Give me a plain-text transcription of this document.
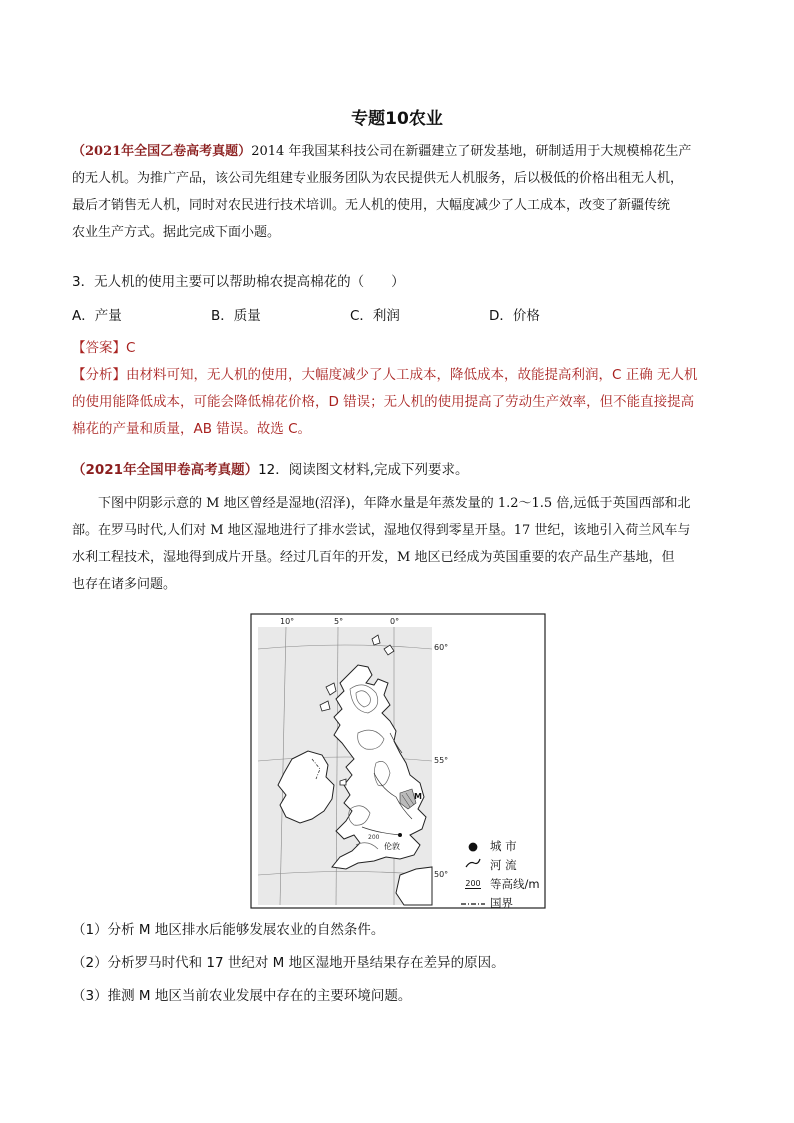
专题10农业

（2021年全国乙卷高考真题）2014 年我国某科技公司在新疆建立了研发基地，研制适用于大规模棉花生产
的无人机。为推广产品，该公司先组建专业服务团队为农民提供无人机服务，后以极低的价格出租无人机，
最后才销售无人机，同时对农民进行技术培训。无人机的使用，大幅度减少了人工成本，改变了新疆传统
农业生产方式。据此完成下面小题。

3．无人机的使用主要可以帮助棉农提高棉花的（　　）
A．产量	B．质量	C．利润	D．价格
【答案】C
【分析】由材料可知，无人机的使用，大幅度减少了人工成本，降低成本，故能提高利润，C 正确 无人机
的使用能降低成本，可能会降低棉花价格，D 错误；无人机的使用提高了劳动生产效率，但不能直接提高
棉花的产量和质量，AB 错误。故选 C。
（2021年全国甲卷高考真题）12．阅读图文材料,完成下列要求。

下图中阴影示意的 M 地区曾经是湿地(沼泽)，年降水量是年蒸发量的 1.2～1.5 倍,远低于英国西部和北
部。在罗马时代,人们对 M 地区湿地进行了排水尝试，湿地仅得到零星开垦。17 世纪，该地引入荷兰风车与
水利工程技术，湿地得到成片开垦。经过几百年的开发，M 地区已经成为英国重要的农产品生产基地，但
也存在诸多问题。

10°	5°	0°
60°
55°
50°
M
伦敦
200
●	城 市
河 流
200 等高线/m
国界
（1）分析 M 地区排水后能够发展农业的自然条件。
（2）分析罗马时代和 17 世纪对 M 地区湿地开垦结果存在差异的原因。
（3）推测 M 地区当前农业发展中存在的主要环境问题。
